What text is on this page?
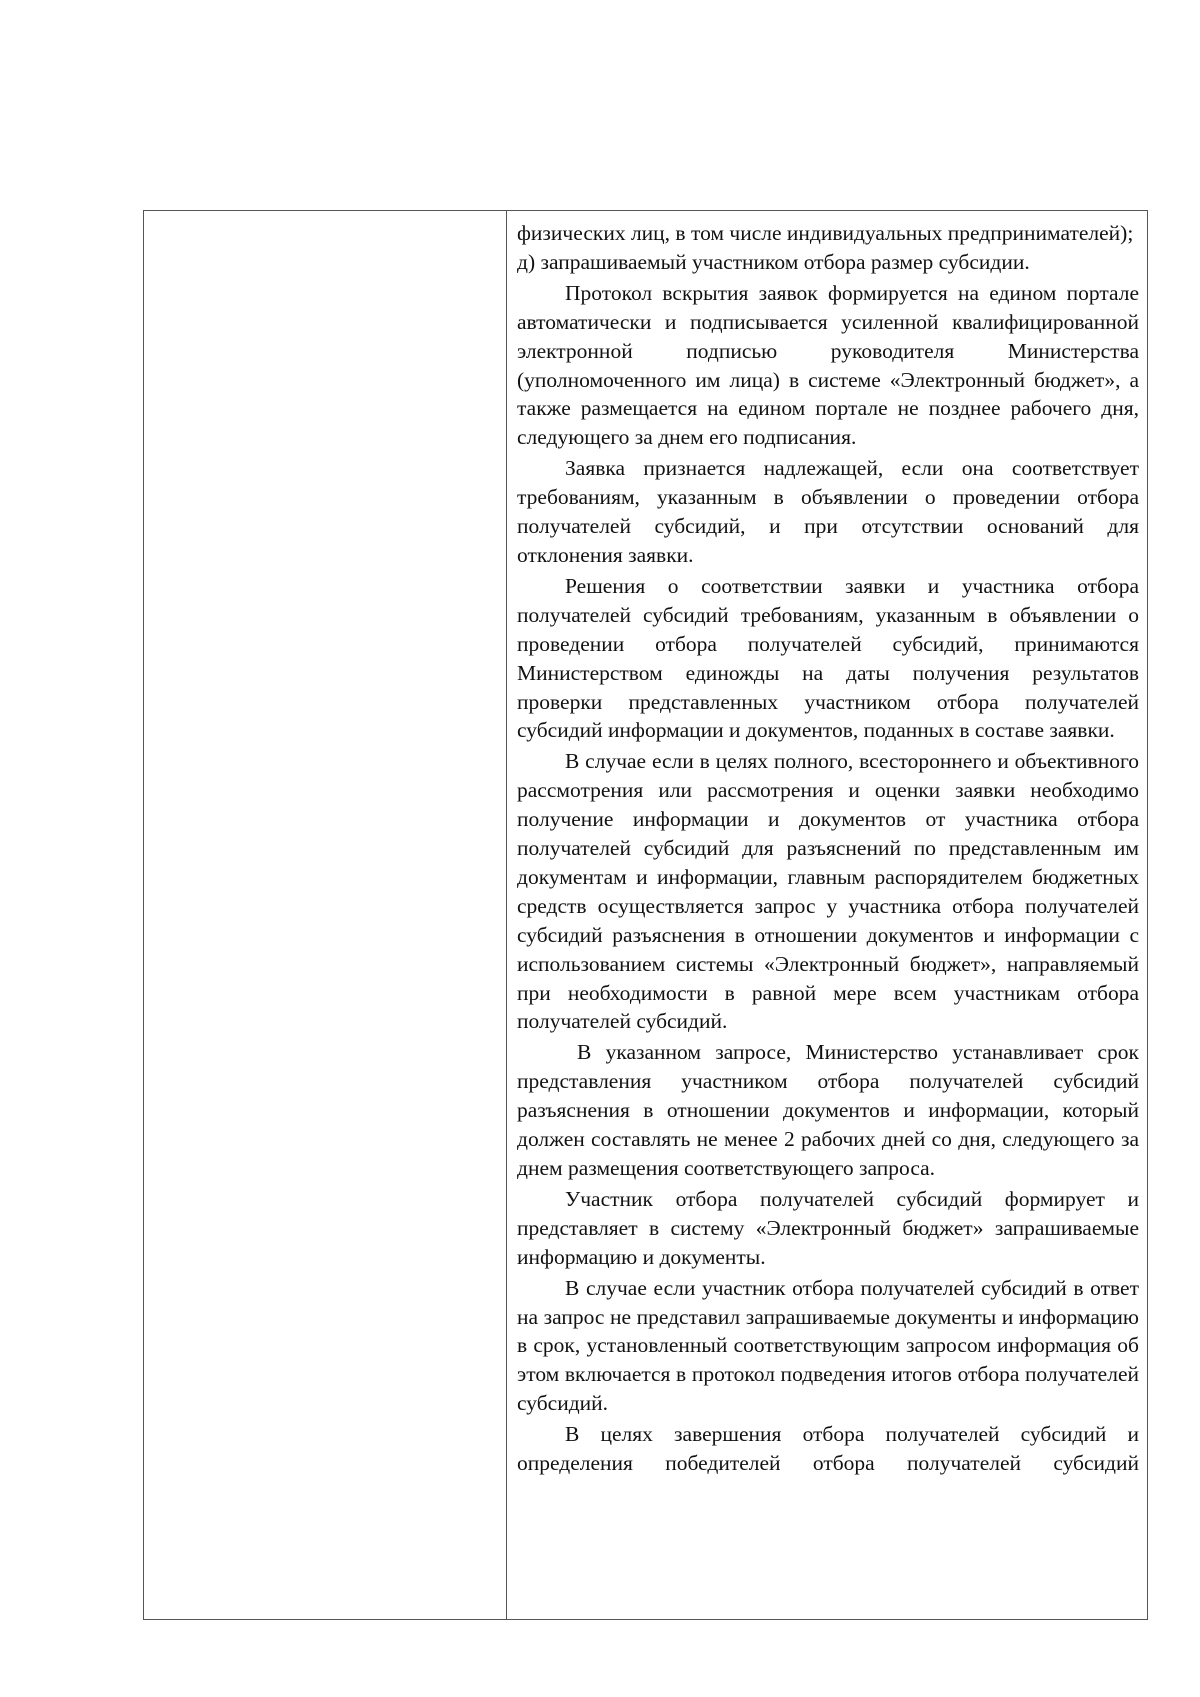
физических лиц, в том числе индивидуальных предпринимателей);

д) запрашиваемый участником отбора размер субсидии.

Протокол вскрытия заявок формируется на едином портале автоматически и подписывается усиленной квалифицированной электронной подписью руководителя Министерства (уполномоченного им лица) в системе «Электронный бюджет», а также размещается на едином портале не позднее рабочего дня, следующего за днем его подписания.

Заявка признается надлежащей, если она соответствует требованиям, указанным в объявлении о проведении отбора получателей субсидий, и при отсутствии оснований для отклонения заявки.

Решения о соответствии заявки и участника отбора получателей субсидий требованиям, указанным в объявлении о проведении отбора получателей субсидий, принимаются Министерством единожды на даты получения результатов проверки представленных участником отбора получателей субсидий информации и документов, поданных в составе заявки.

В случае если в целях полного, всестороннего и объективного рассмотрения или рассмотрения и оценки заявки необходимо получение информации и документов от участника отбора получателей субсидий для разъяснений по представленным им документам и информации, главным распорядителем бюджетных средств осуществляется запрос у участника отбора получателей субсидий разъяснения в отношении документов и информации с использованием системы «Электронный бюджет», направляемый при необходимости в равной мере всем участникам отбора получателей субсидий.

В указанном запросе, Министерство устанавливает срок представления участником отбора получателей субсидий разъяснения в отношении документов и информации, который должен составлять не менее 2 рабочих дней со дня, следующего за днем размещения соответствующего запроса.

Участник отбора получателей субсидий формирует и представляет в систему «Электронный бюджет» запрашиваемые информацию и документы.

В случае если участник отбора получателей субсидий в ответ на запрос не представил запрашиваемые документы и информацию в срок, установленный соответствующим запросом информация об этом включается в протокол подведения итогов отбора получателей субсидий.

В целях завершения отбора получателей субсидий и определения победителей отбора получателей субсидий
